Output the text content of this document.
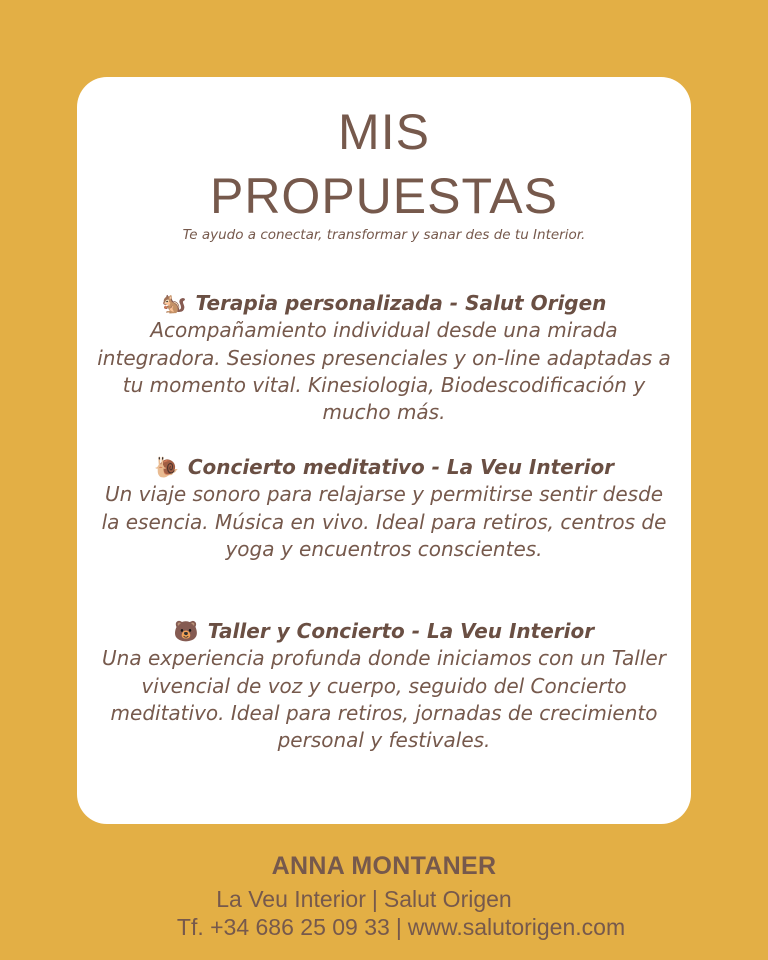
MIS
PROPUESTAS
Te ayudo a conectar, transformar y sanar des de tu Interior.
🐿️ Terapia personalizada - Salut Origen
Acompañamiento individual desde una mirada integradora. Sesiones presenciales y on-line adaptadas a tu momento vital. Kinesiologia, Biodescodificación y mucho más.
🐌 Concierto meditativo - La Veu Interior
Un viaje sonoro para relajarse y permitirse sentir desde la esencia. Música en vivo. Ideal para retiros, centros de yoga y encuentros conscientes.
🐻 Taller y Concierto - La Veu Interior
Una experiencia profunda donde iniciamos con un Taller vivencial de voz y cuerpo, seguido del Concierto meditativo. Ideal para retiros, jornadas de crecimiento personal y festivales.
ANNA MONTANER
La Veu Interior | Salut Origen
Tf. +34 686 25 09 33 | www.salutorigen.com
